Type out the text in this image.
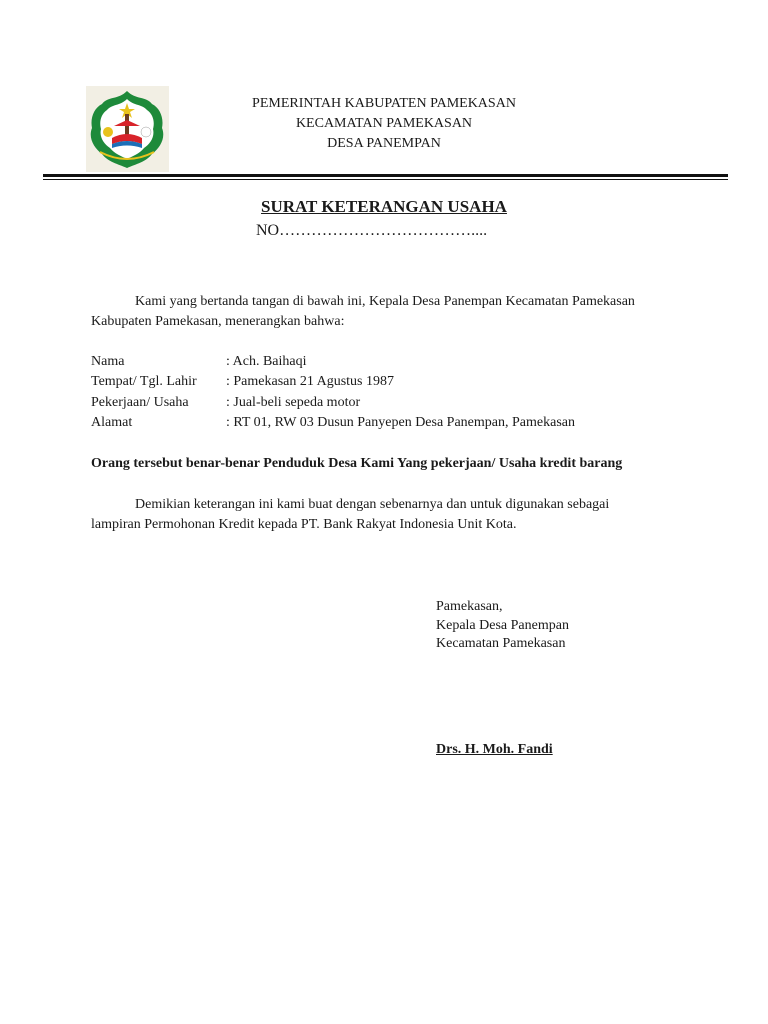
PEMERINTAH KABUPATEN PAMEKASAN
KECAMATAN PAMEKASAN
DESA PANEMPAN
SURAT KETERANGAN USAHA
NO………………………………....
Kami yang bertanda tangan di bawah ini, Kepala Desa Panempan Kecamatan Pamekasan
Kabupaten Pamekasan, menerangkan bahwa:
Nama	: Ach. Baihaqi
Tempat/ Tgl. Lahir : Pamekasan 21 Agustus 1987
Pekerjaan/ Usaha	: Jual-beli sepeda motor
Alamat	: RT 01, RW 03 Dusun Panyepen Desa Panempan, Pamekasan
Orang tersebut benar-benar Penduduk Desa Kami Yang pekerjaan/ Usaha kredit barang
Demikian keterangan ini kami buat dengan sebenarnya dan untuk digunakan sebagai
lampiran Permohonan Kredit kepada PT. Bank Rakyat Indonesia Unit Kota.
Pamekasan,
Kepala Desa Panempan
Kecamatan Pamekasan
Drs. H. Moh. Fandi
